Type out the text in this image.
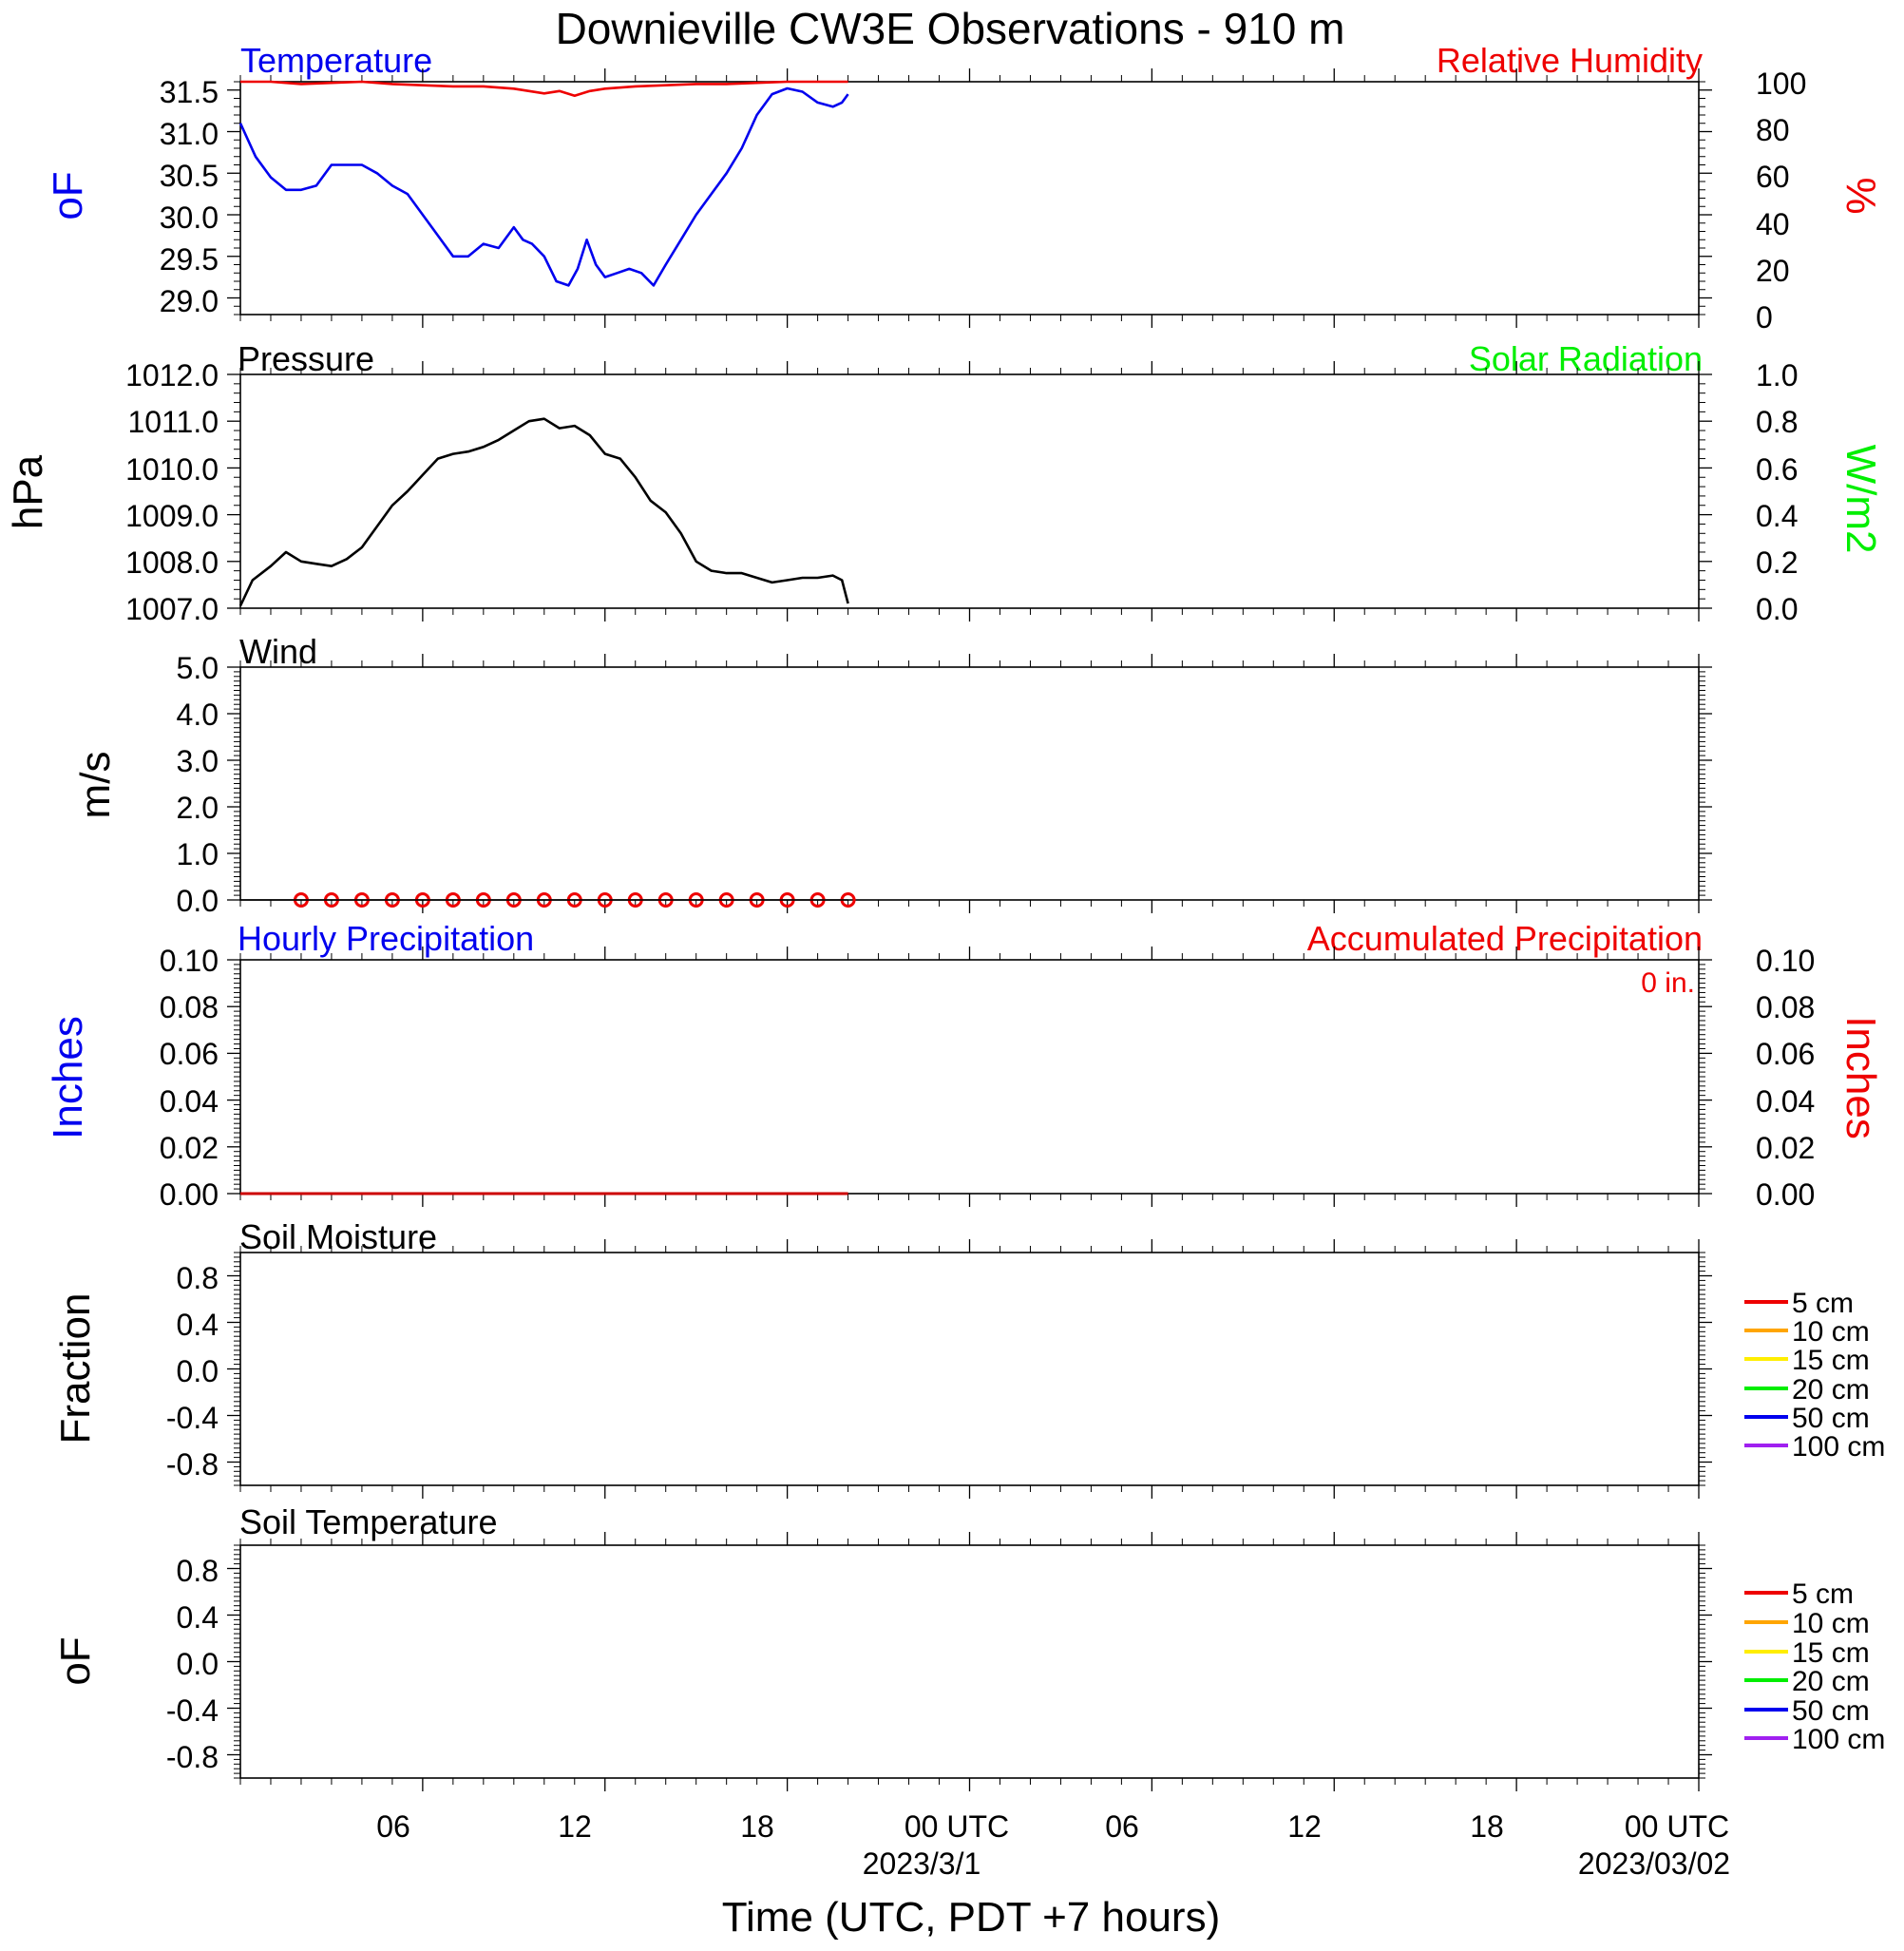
Downieville CW3E Observations - 910 m
Temperature	Relative Humidity
31.5
31.0
30.5
30.0
29.5
29.0
100
80
60
40
20
0
oF	%
Pressure	Solar Radiation
1012.0
1011.0
1010.0
1009.0
1008.0
1007.0
1.0
0.8
0.6
0.4
0.2
0.0
hPa	W/m2
Wind
5.0
4.0
3.0
2.0
1.0
0.0
m/s
Hourly Precipitation	Accumulated Precipitation
0 in.
0.10
0.08
0.06
0.04
0.02
0.00
0.10
0.08
0.06
0.04
0.02
0.00
Inches	Inches
Soil Moisture
0.8
0.4
0.0
-0.4
-0.8
Fraction	5 cm
10 cm
15 cm
20 cm
50 cm
100 cm
Soil Temperature
0.8
0.4
0.0
-0.4
-0.8
oF
5 cm
10 cm
15 cm
20 cm
50 cm
100 cm
06	12	18	00 UTC
2023/3/1
06	12	18	00 UTC
2023/03/02
Time (UTC, PDT +7 hours)
